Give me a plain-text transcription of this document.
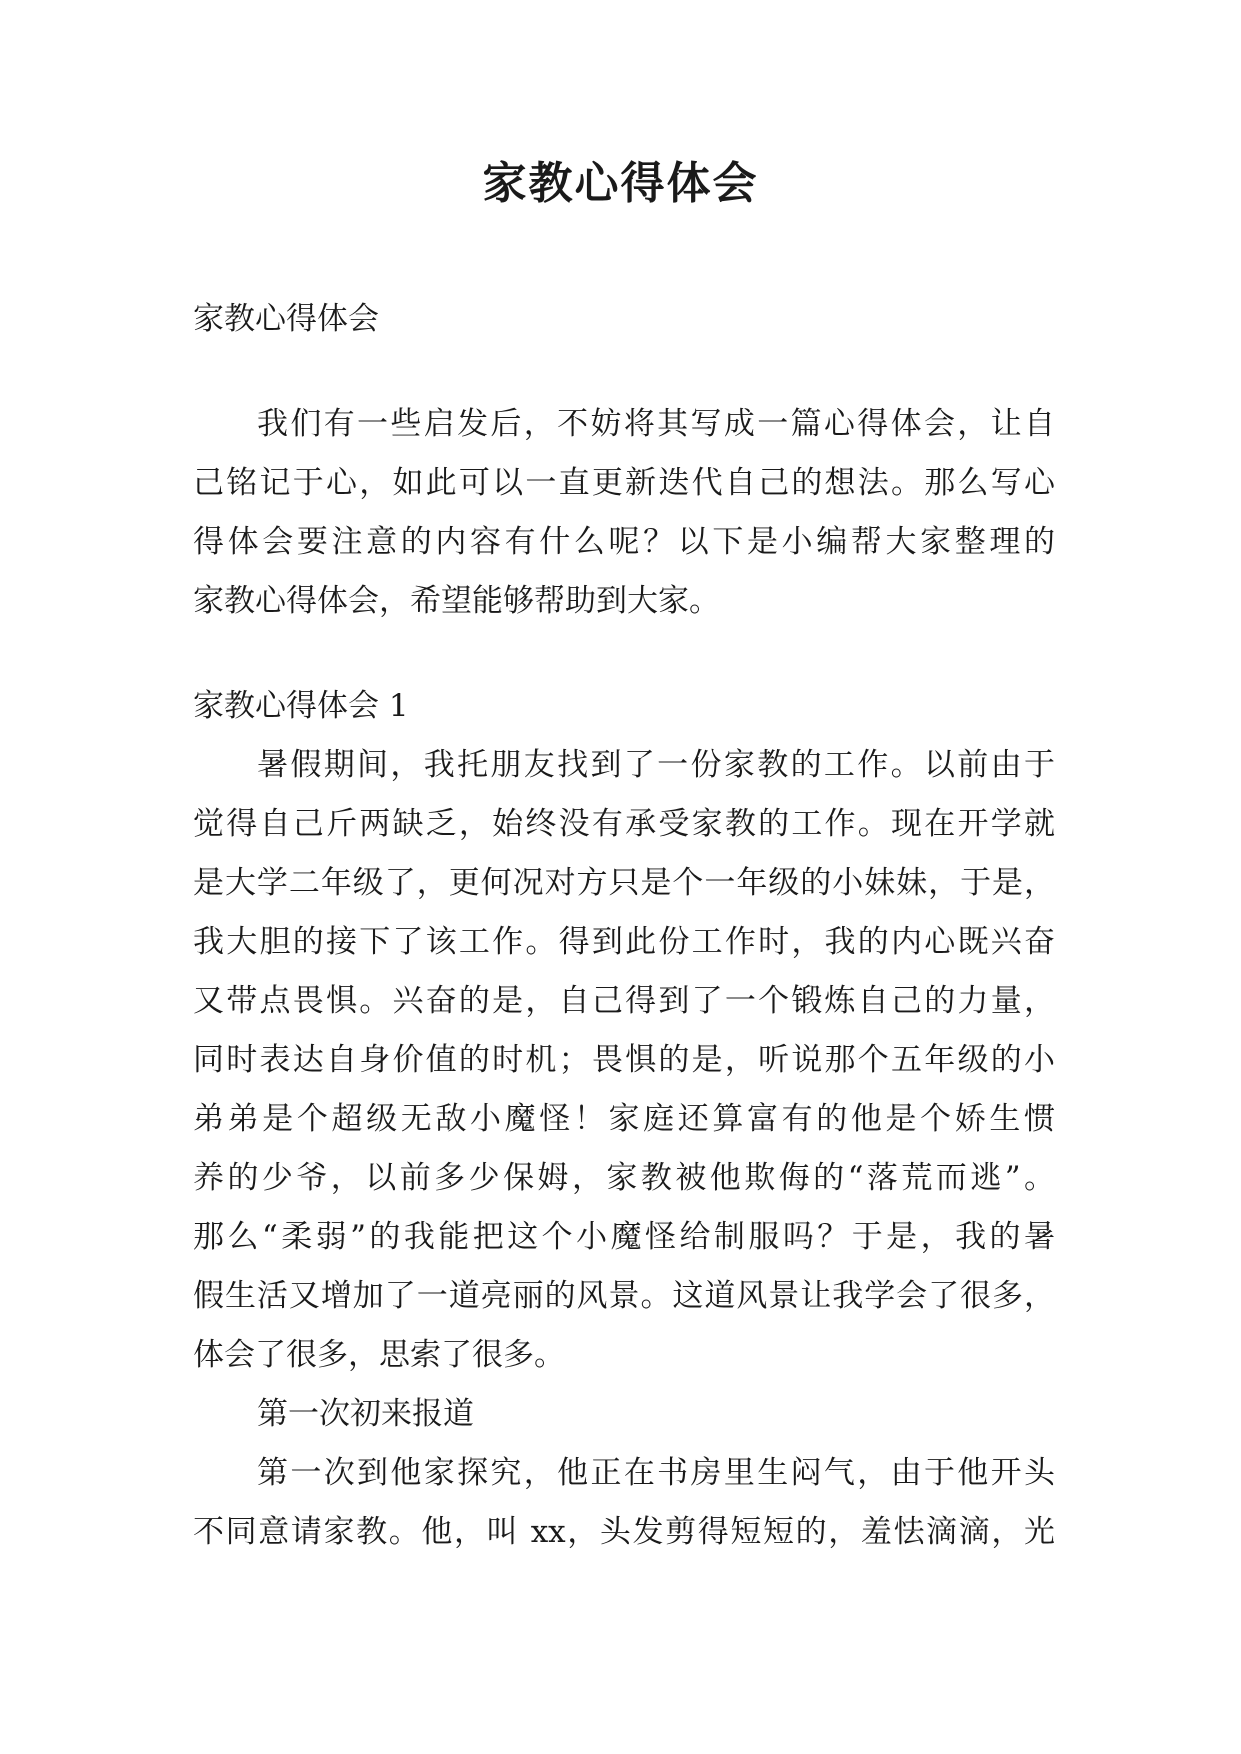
家教心得体会

家教心得体会

我们有一些启发后，不妨将其写成一篇心得体会，让自

己铭记于心，如此可以一直更新迭代自己的想法。那么写心

得体会要注意的内容有什么呢？以下是小编帮大家整理的

家教心得体会，希望能够帮助到大家。

家教心得体会 1

暑假期间，我托朋友找到了一份家教的工作。以前由于

觉得自己斤两缺乏，始终没有承受家教的工作。现在开学就

是大学二年级了，更何况对方只是个一年级的小妹妹，于是，

我大胆的接下了该工作。得到此份工作时，我的内心既兴奋

又带点畏惧。兴奋的是，自己得到了一个锻炼自己的力量，

同时表达自身价值的时机；畏惧的是，听说那个五年级的小

弟弟是个超级无敌小魔怪！家庭还算富有的他是个娇生惯

养的少爷，以前多少保姆，家教被他欺侮的“落荒而逃”。

那么“柔弱”的我能把这个小魔怪给制服吗？于是，我的暑

假生活又增加了一道亮丽的风景。这道风景让我学会了很多，

体会了很多，思索了很多。

第一次初来报道

第一次到他家探究，他正在书房里生闷气，由于他开头

不同意请家教。他，叫 xx，头发剪得短短的，羞怯滴滴，光
